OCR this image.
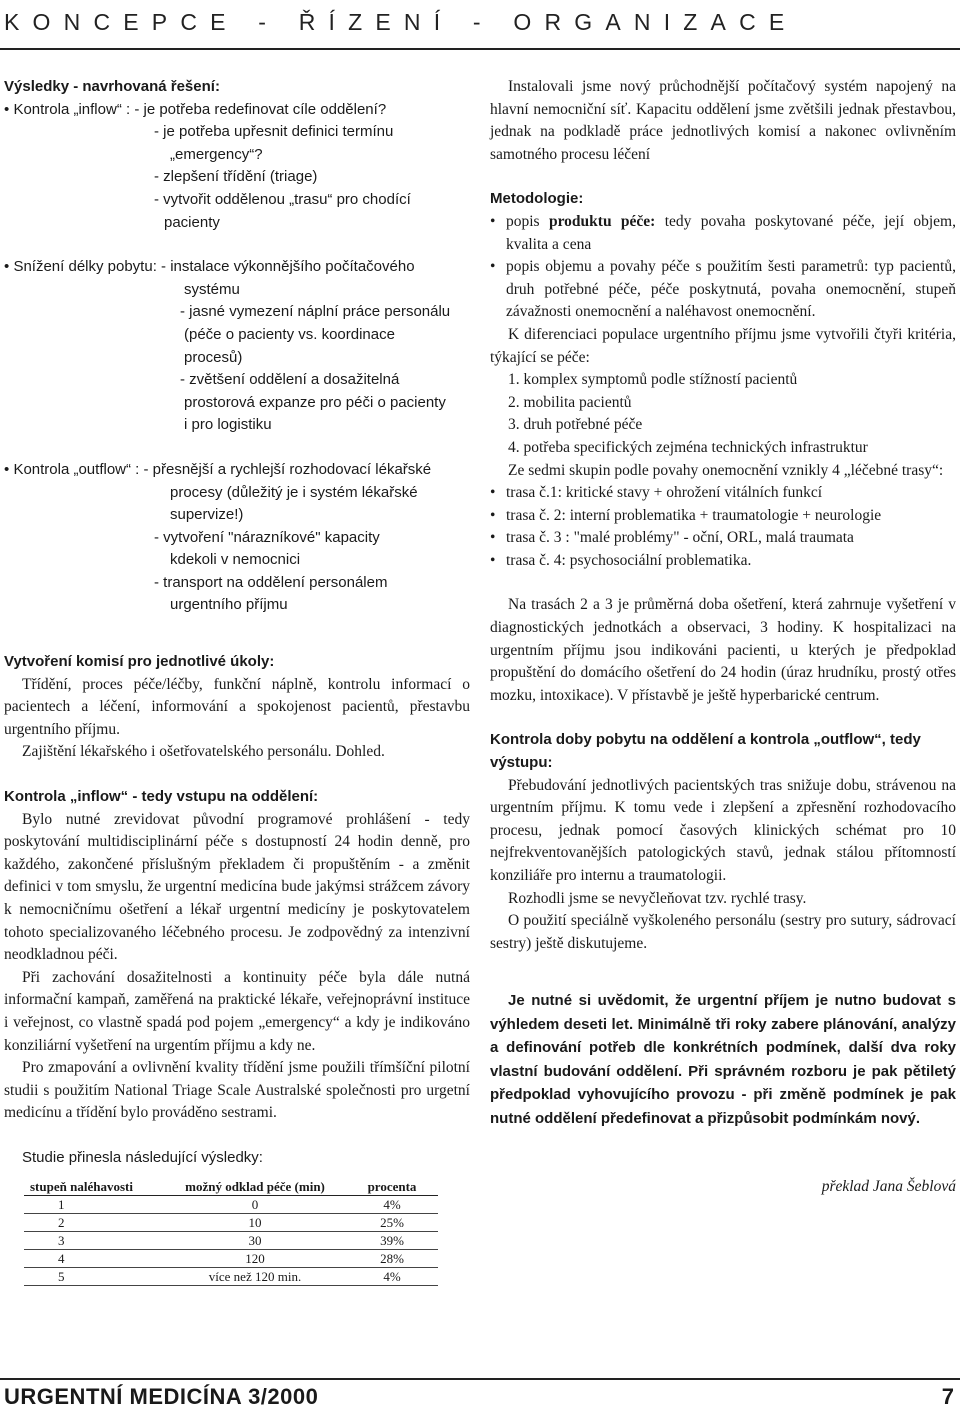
KONCEPCE - ŘÍZENÍ - ORGANIZACE

Výsledky - navrhovaná řešení:

• Kontrola „inflow“ : - je potřeba redefinovat cíle oddělení?
- je potřeba upřesnit definici termínu
„emergency“?
- zlepšení třídění (triage)
- vytvořit oddělenou „trasu“ pro chodící
pacienty
• Snížení délky pobytu: - instalace výkonnějšího počítačového
systému
- jasné vymezení náplní práce personálu
(péče o pacienty vs. koordinace
procesů)
- zvětšení oddělení a dosažitelná
prostorová expanze pro péči o pacienty
i pro logistiku
• Kontrola „outflow“ : - přesnější a rychlejší rozhodovací lékařské
procesy (důležitý je i systém lékařské
supervize!)
- vytvoření "nárazníkové" kapacity
kdekoli v nemocnici
- transport na oddělení personálem
urgentního příjmu

Vytvoření komisí pro jednotlivé úkoly:

Třídění, proces péče/léčby, funkční náplně, kontrolu informací o pacientech a léčení, informování a spokojenost pacientů, přestavbu urgentního příjmu.

Zajištění lékařského i ošetřovatelského personálu. Dohled.

Kontrola „inflow“ - tedy vstupu na oddělení:

Bylo nutné zrevidovat původní programové prohlášení - tedy poskytování multidisciplinární péče s dostupností 24 hodin denně, pro každého, zakončené příslušným překladem či propuštěním - a změnit definici v tom smyslu, že urgentní medicína bude jakýmsi strážcem závory k nemocničnímu ošetření a lékař urgentní medicíny je poskytovatelem tohoto specializovaného léčebného procesu. Je zodpovědný za intenzivní neodkladnou péči.

Při zachování dosažitelnosti a kontinuity péče byla dále nutná informační kampaň, zaměřená na praktické lékaře, veřejnoprávní instituce i veřejnost, co vlastně spadá pod pojem „emergency“ a kdy je indikováno konziliární vyšetření na urgentím příjmu a kdy ne.

Pro zmapování a ovlivnění kvality třídění jsme použili třímšíční pilotní studii s použitím National Triage Scale Australské společnosti pro urgetní medicínu a třídění bylo prováděno sestrami.

Studie přinesla následující výsledky:

stupeň naléhavosti	možný odklad péče (min)	procenta
1	0	4%
2	10	25%
3	30	39%
4	120	28%
5	více než 120 min.	4%

Instalovali jsme nový průchodnější počítačový systém napojený na hlavní nemocniční síť. Kapacitu oddělení jsme zvětšili jednak přestavbou, jednak na podkladě práce jednotlivých komisí a nakonec ovlivněním samotného procesu léčení

Metodologie:

• popis produktu péče: tedy povaha poskytované péče, její objem, kvalita a cena
• popis objemu a povahy péče s použitím šesti parametrů: typ pacientů, druh potřebné péče, péče poskytnutá, povaha onemocnění, stupeň závažnosti onemocnění a naléhavost onemocnění.

K diferenciaci populace urgentního příjmu jsme vytvořili čtyři kritéria, týkající se péče:

1. komplex symptomů podle stížností pacientů
2. mobilita pacientů
3. druh potřebné péče
4. potřeba specifických zejména technických infrastruktur

Ze sedmi skupin podle povahy onemocnění vznikly 4 „léčebné trasy“:

• trasa č.1: kritické stavy + ohrožení vitálních funkcí
• trasa č. 2: interní problematika + traumatologie + neurologie
• trasa č. 3 : "malé problémy" - oční, ORL, malá traumata
• trasa č. 4: psychosociální problematika.

Na trasách 2 a 3 je průměrná doba ošetření, která zahrnuje vyšetření v diagnostických jednotkách a observaci, 3 hodiny. K hospitalizaci na urgentním příjmu jsou indikováni pacienti, u kterých je předpoklad propuštění do domácího ošetření do 24 hodin (úraz hrudníku, prostý otřes mozku, intoxikace). V přístavbě je ještě hyperbarické centrum.

Kontrola doby pobytu na oddělení a kontrola „outflow“, tedy výstupu:

Přebudování jednotlivých pacientských tras snižuje dobu, strávenou na urgentním příjmu. K tomu vede i zlepšení a zpřesnění rozhodovacího procesu, jednak pomocí časových klinických schémat pro 10 nejfrekventovanějších patologických stavů, jednak stálou přítomností konziliáře pro internu a traumatologii.

Rozhodli jsme se nevyčleňovat tzv. rychlé trasy.

O použití speciálně vyškoleného personálu (sestry pro sutury, sádrovací sestry) ještě diskutujeme.

Je nutné si uvědomit, že urgentní příjem je nutno budovat s výhledem deseti let. Minimálně tři roky zabere plánování, analýzy a definování potřeb dle konkrétních podmínek, další dva roky vlastní budování oddělení. Při správném rozboru je pak pětiletý předpoklad vyhovujícího provozu - při změně podmínek je pak nutné oddělení předefinovat a přizpůsobit podmínkám nový.

překlad Jana Šeblová

URGENTNÍ MEDICÍNA 3/2000	7
